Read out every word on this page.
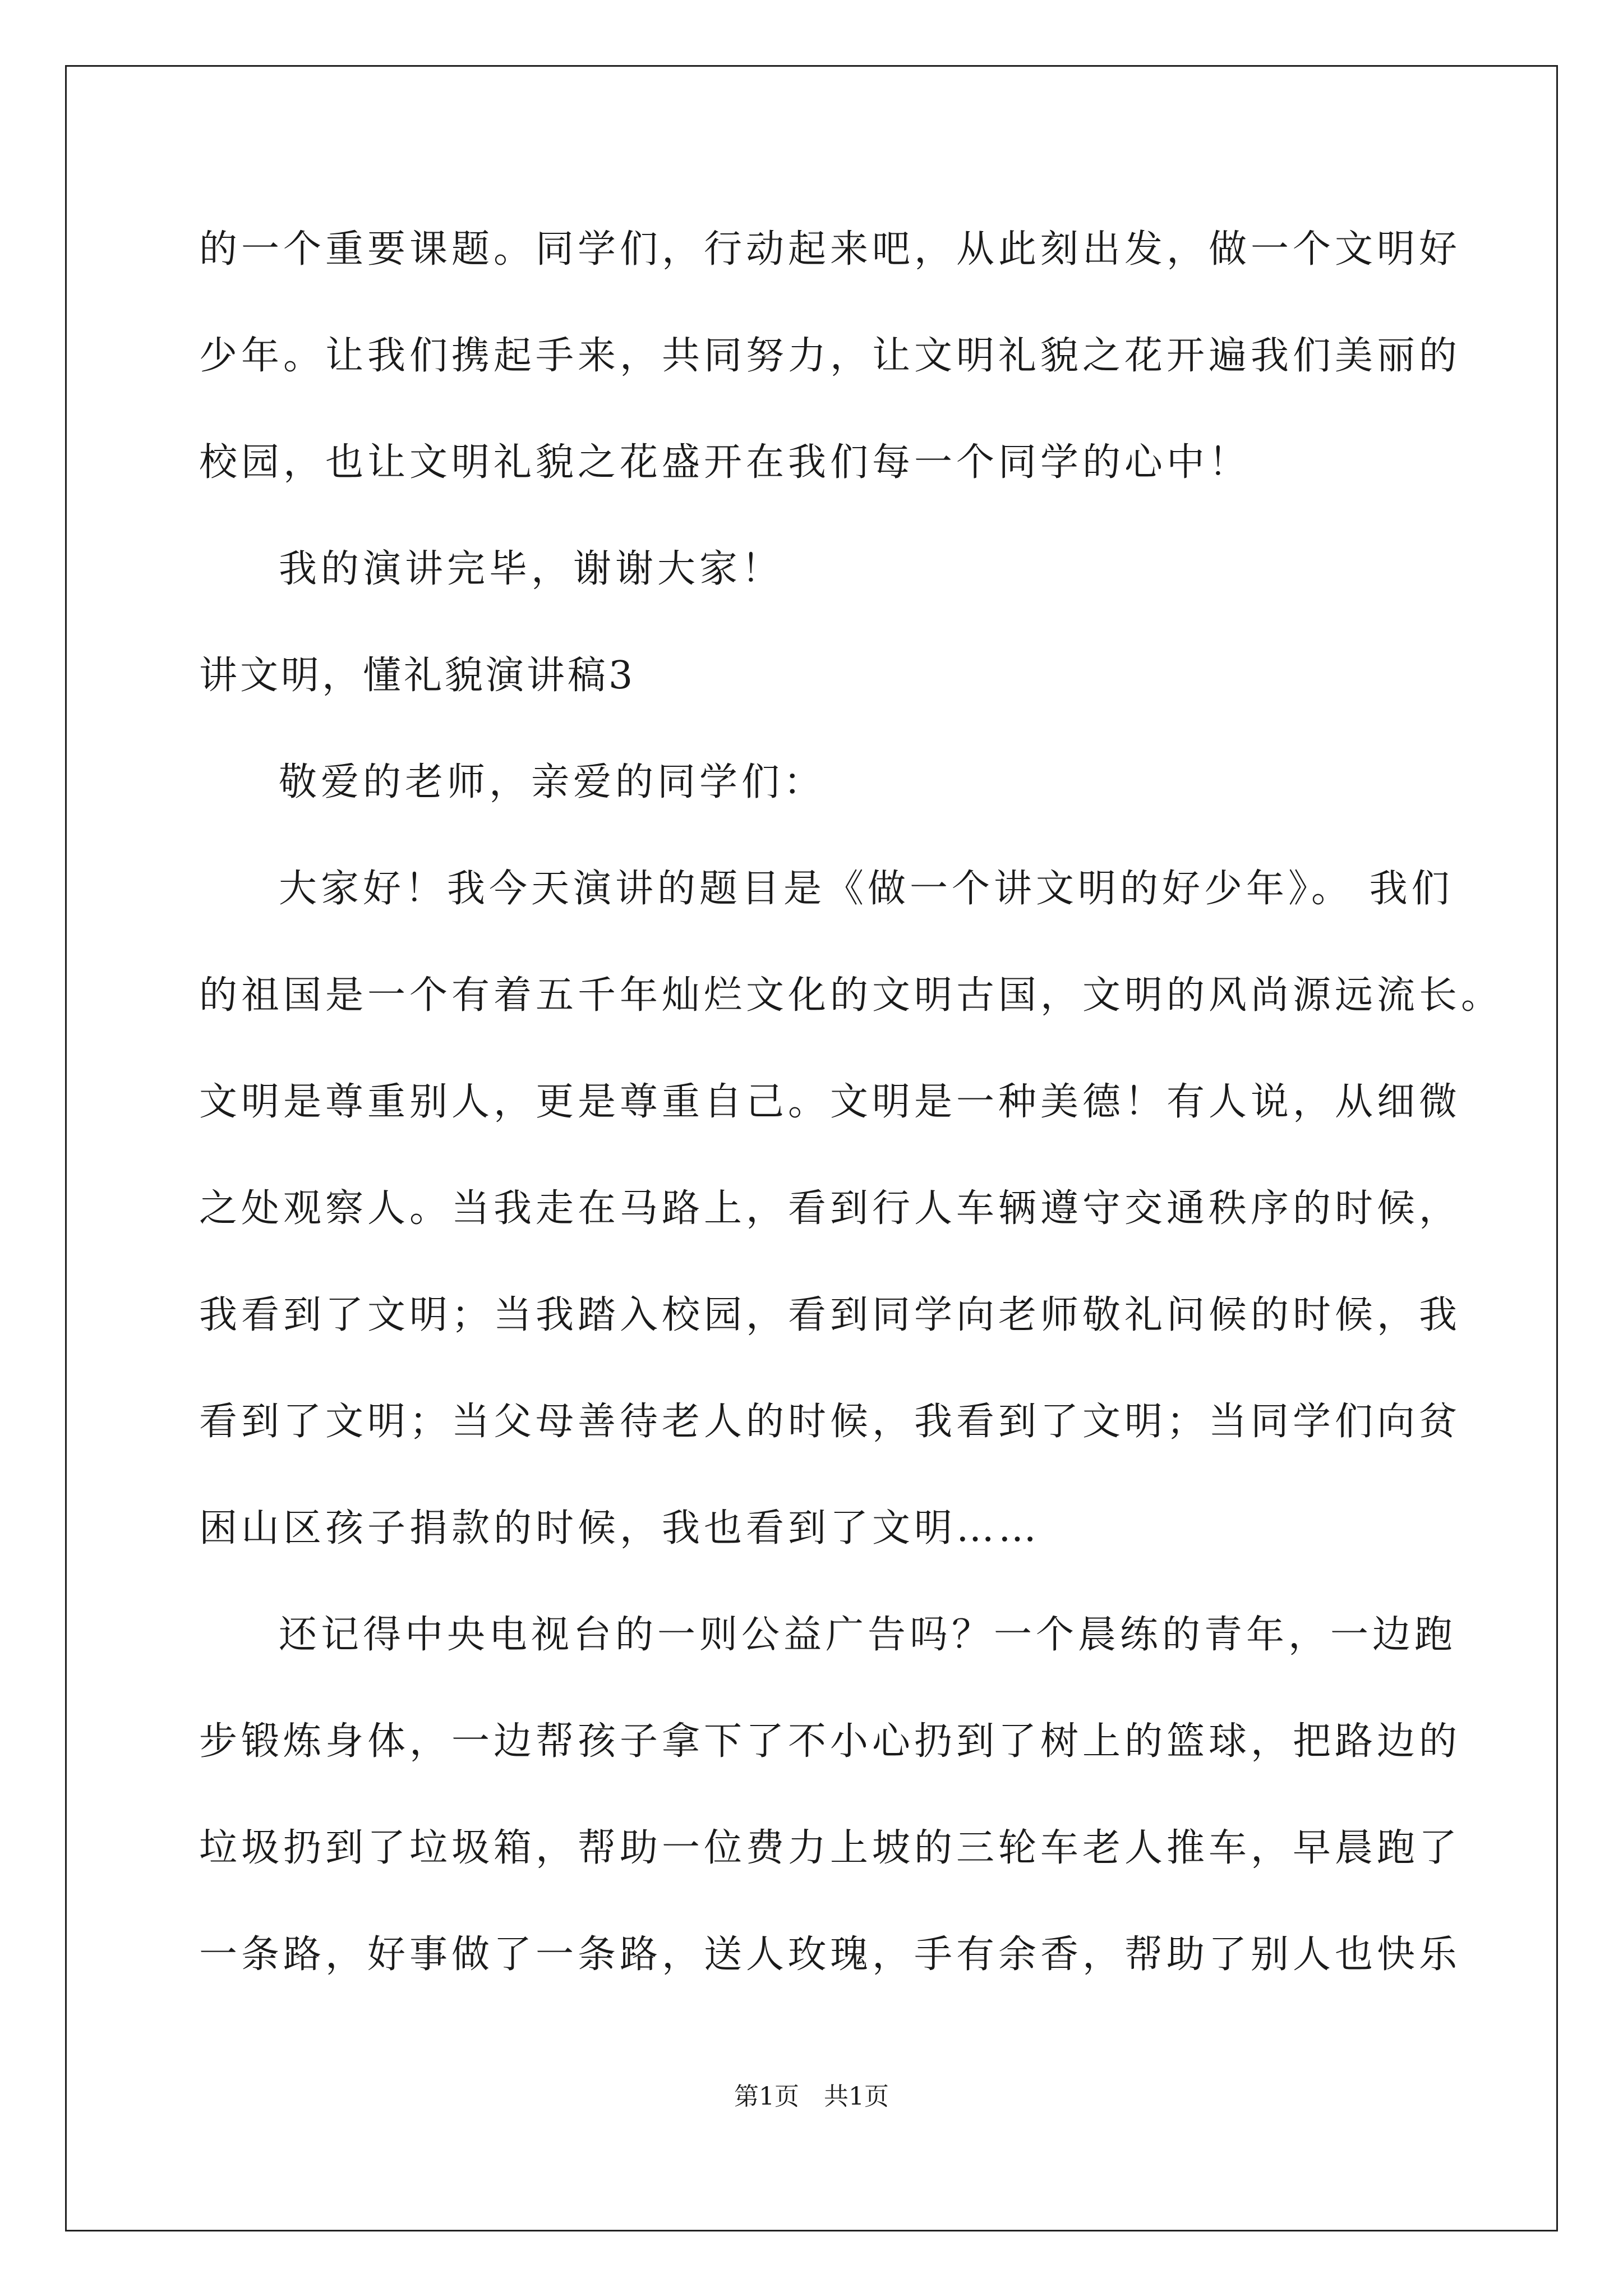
的一个重要课题。同学们，行动起来吧，从此刻出发，做一个文明好
少年。让我们携起手来，共同努力，让文明礼貌之花开遍我们美丽的
校园，也让文明礼貌之花盛开在我们每一个同学的心中！
我的演讲完毕，谢谢大家！
讲文明，懂礼貌演讲稿3
敬爱的老师，亲爱的同学们：
大家好！我今天演讲的题目是《做一个讲文明的好少年》。 我们
的祖国是一个有着五千年灿烂文化的文明古国，文明的风尚源远流长。
文明是尊重别人，更是尊重自己。文明是一种美德！有人说，从细微
之处观察人。当我走在马路上，看到行人车辆遵守交通秩序的时候，
我看到了文明；当我踏入校园，看到同学向老师敬礼问候的时候，我
看到了文明；当父母善待老人的时候，我看到了文明；当同学们向贫
困山区孩子捐款的时候，我也看到了文明……
还记得中央电视台的一则公益广告吗？一个晨练的青年，一边跑
步锻炼身体，一边帮孩子拿下了不小心扔到了树上的篮球，把路边的
垃圾扔到了垃圾箱，帮助一位费力上坡的三轮车老人推车，早晨跑了
一条路，好事做了一条路，送人玫瑰，手有余香，帮助了别人也快乐
第1页　共1页
